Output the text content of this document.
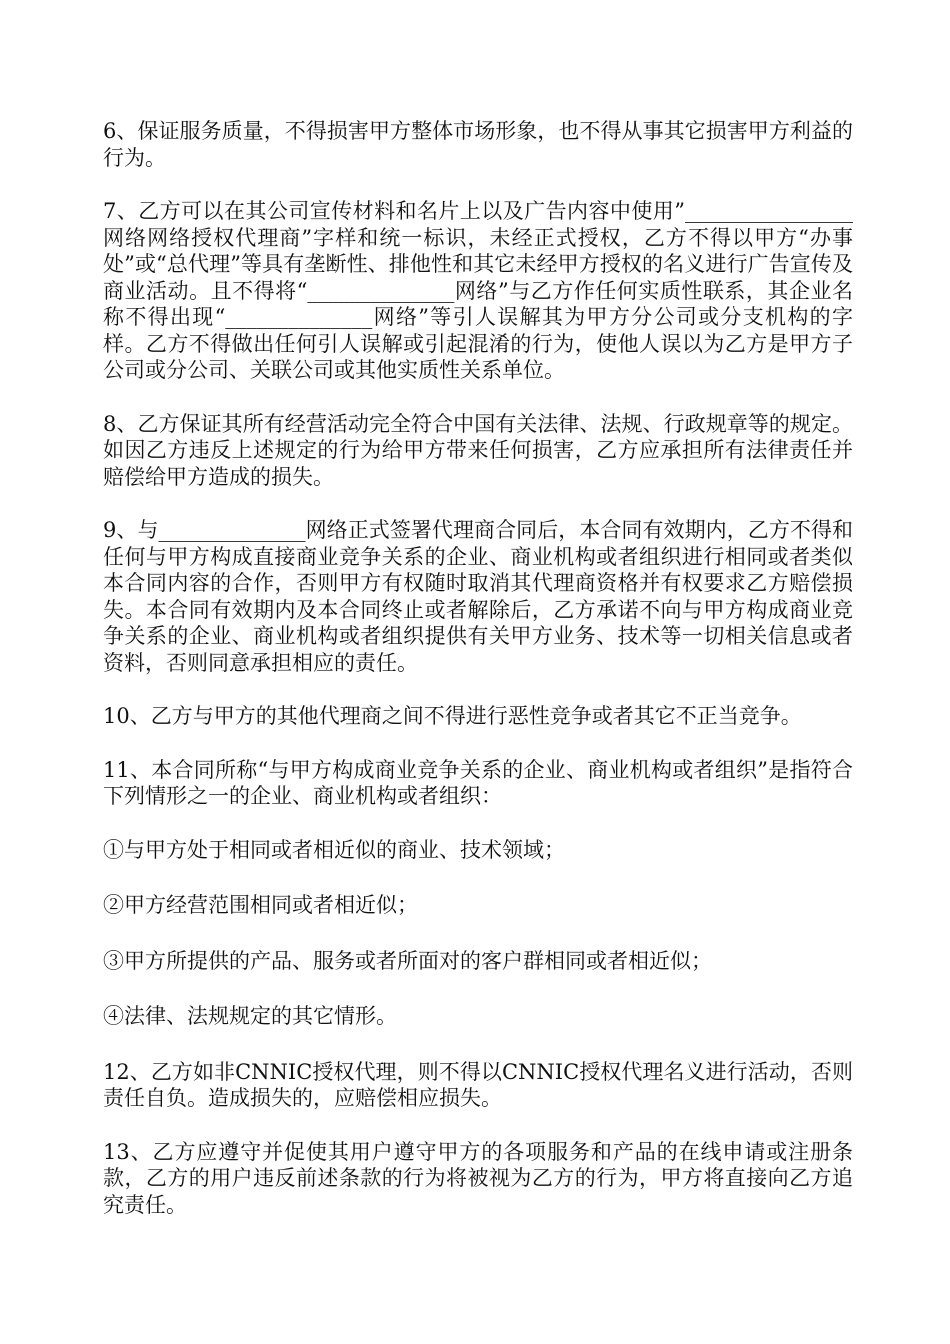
6、保证服务质量，不得损害甲方整体市场形象，也不得从事其它损害甲方利益的行为。

7、乙方可以在其公司宣传材料和名片上以及广告内容中使用”________________网络网络授权代理商”字样和统一标识，未经正式授权，乙方不得以甲方“办事处”或“总代理”等具有垄断性、排他性和其它未经甲方授权的名义进行广告宣传及商业活动。且不得将“______________网络”与乙方作任何实质性联系，其企业名称不得出现“______________网络”等引人误解其为甲方分公司或分支机构的字样。乙方不得做出任何引人误解或引起混淆的行为，使他人误以为乙方是甲方子公司或分公司、关联公司或其他实质性关系单位。

8、乙方保证其所有经营活动完全符合中国有关法律、法规、行政规章等的规定。如因乙方违反上述规定的行为给甲方带来任何损害，乙方应承担所有法律责任并赔偿给甲方造成的损失。

9、与______________网络正式签署代理商合同后，本合同有效期内，乙方不得和任何与甲方构成直接商业竞争关系的企业、商业机构或者组织进行相同或者类似本合同内容的合作，否则甲方有权随时取消其代理商资格并有权要求乙方赔偿损失。本合同有效期内及本合同终止或者解除后，乙方承诺不向与甲方构成商业竞争关系的企业、商业机构或者组织提供有关甲方业务、技术等一切相关信息或者资料，否则同意承担相应的责任。

10、乙方与甲方的其他代理商之间不得进行恶性竞争或者其它不正当竞争。

11、本合同所称“与甲方构成商业竞争关系的企业、商业机构或者组织”是指符合下列情形之一的企业、商业机构或者组织：

①与甲方处于相同或者相近似的商业、技术领域；

②甲方经营范围相同或者相近似；

③甲方所提供的产品、服务或者所面对的客户群相同或者相近似；

④法律、法规规定的其它情形。

12、乙方如非CNNIC授权代理，则不得以CNNIC授权代理名义进行活动，否则责任自负。造成损失的，应赔偿相应损失。

13、乙方应遵守并促使其用户遵守甲方的各项服务和产品的在线申请或注册条款，乙方的用户违反前述条款的行为将被视为乙方的行为，甲方将直接向乙方追究责任。
